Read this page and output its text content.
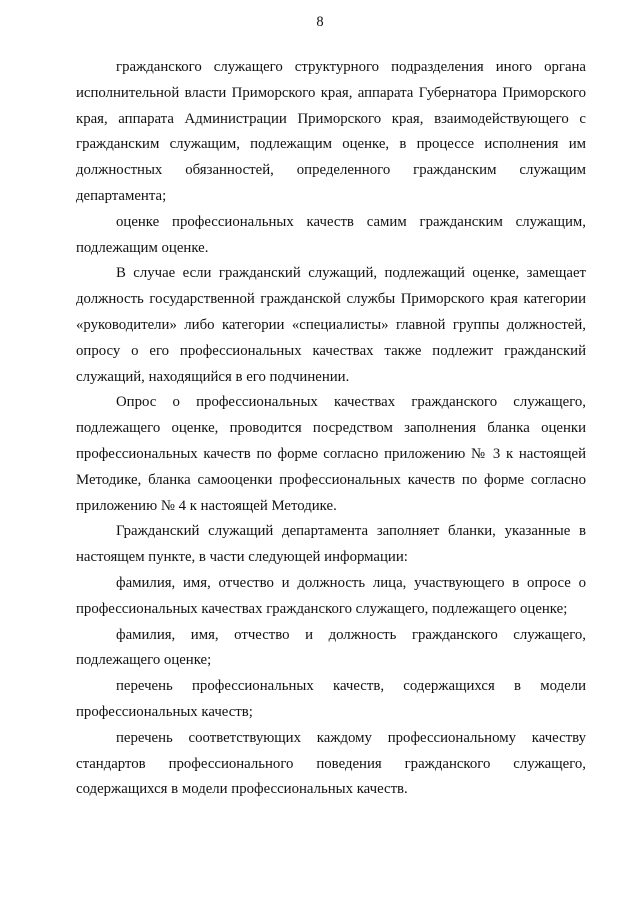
8

гражданского служащего структурного подразделения иного органа исполнительной власти Приморского края, аппарата Губернатора Приморского края, аппарата Администрации Приморского края, взаимодействующего с гражданским служащим, подлежащим оценке, в процессе исполнения им должностных обязанностей, определенного гражданским служащим департамента;

оценке профессиональных качеств самим гражданским служащим, подлежащим оценке.

В случае если гражданский служащий, подлежащий оценке, замещает должность государственной гражданской службы Приморского края категории «руководители» либо категории «специалисты» главной группы должностей, опросу о его профессиональных качествах также подлежит гражданский служащий, находящийся в его подчинении.

Опрос о профессиональных качествах гражданского служащего, подлежащего оценке, проводится посредством заполнения бланка оценки профессиональных качеств по форме согласно приложению № 3 к настоящей Методике, бланка самооценки профессиональных качеств по форме согласно приложению № 4 к настоящей Методике.

Гражданский служащий департамента заполняет бланки, указанные в настоящем пункте, в части следующей информации:

фамилия, имя, отчество и должность лица, участвующего в опросе о профессиональных качествах гражданского служащего, подлежащего оценке;

фамилия, имя, отчество и должность гражданского служащего, подлежащего оценке;

перечень профессиональных качеств, содержащихся в модели профессиональных качеств;

перечень соответствующих каждому профессиональному качеству стандартов профессионального поведения гражданского служащего, содержащихся в модели профессиональных качеств.
